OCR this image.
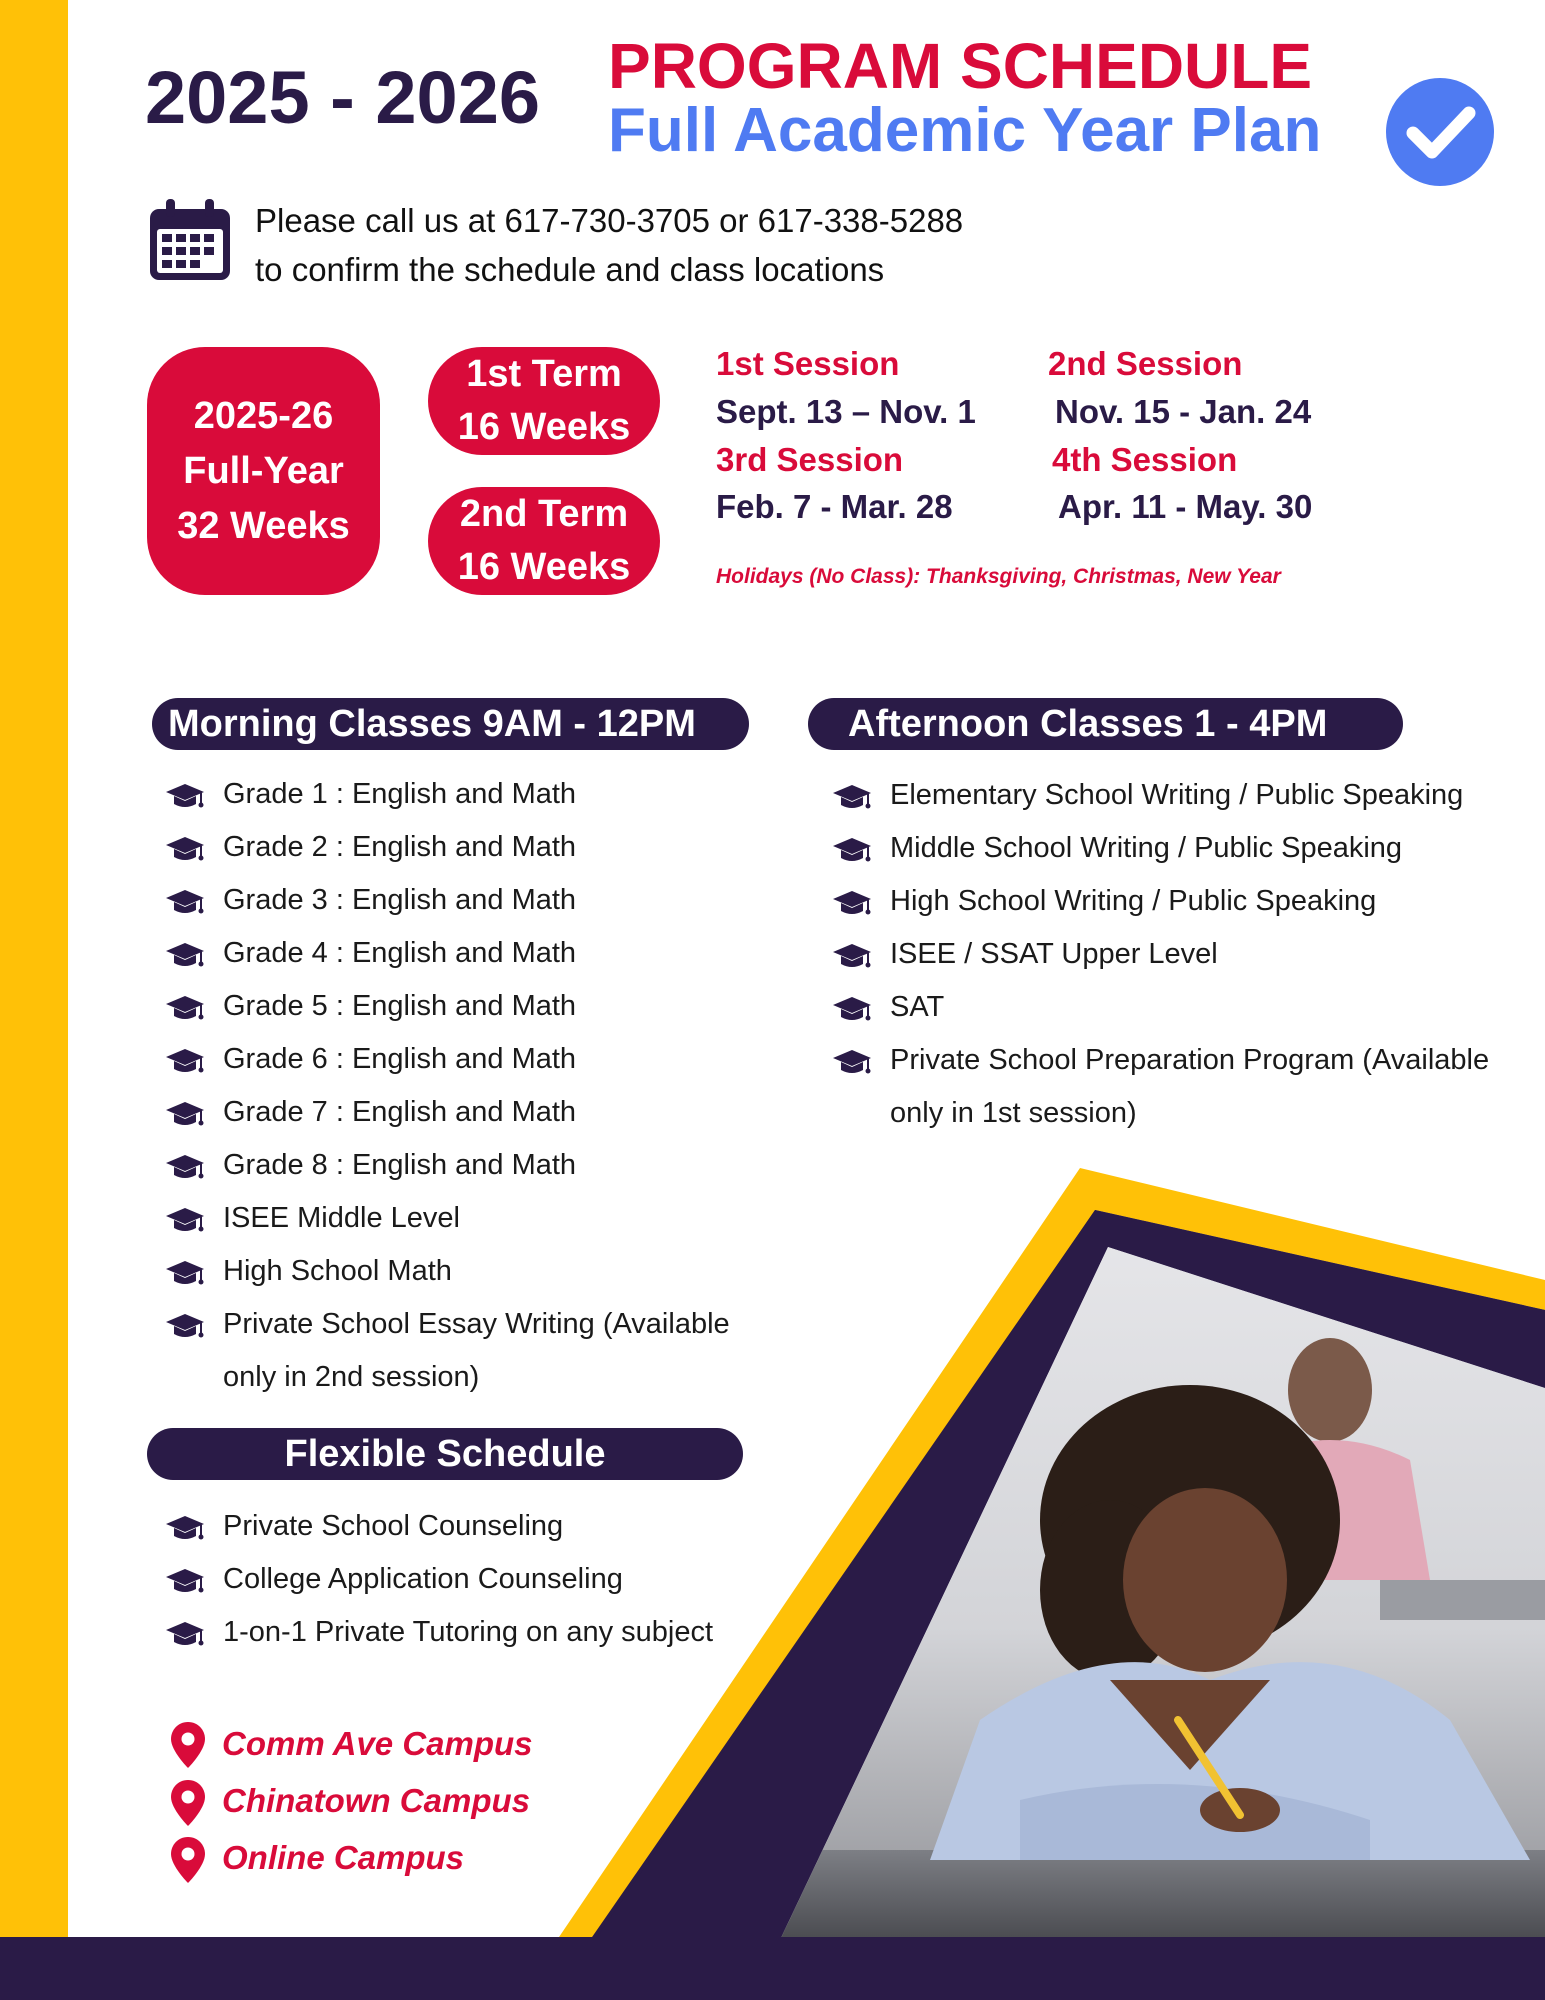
2025 - 2026 PROGRAM SCHEDULE
Full Academic Year Plan
Please call us at 617-730-3705 or 617-338-5288
to confirm the schedule and class locations
2025-26
Full-Year
32 Weeks
1st Term
16 Weeks
2nd Term
16 Weeks
1st Session
Sept. 13 – Nov. 1
2nd Session
Nov. 15 - Jan. 24
3rd Session
Feb. 7 - Mar. 28
4th Session
Apr. 11 - May. 30
Holidays (No Class): Thanksgiving, Christmas, New Year
Morning Classes 9AM - 12PM
Grade 1 : English and Math
Grade 2 : English and Math
Grade 3 : English and Math
Grade 4 : English and Math
Grade 5 : English and Math
Grade 6 : English and Math
Grade 7 : English and Math
Grade 8 : English and Math
ISEE Middle Level
High School Math
Private School Essay Writing (Available only in 2nd session)
Afternoon Classes 1 - 4PM
Elementary School Writing / Public Speaking
Middle School Writing / Public Speaking
High School Writing / Public Speaking
ISEE / SSAT Upper Level
SAT
Private School Preparation Program (Available only in 1st session)
Flexible Schedule
Private School Counseling
College Application Counseling
1-on-1 Private Tutoring on any subject
Comm Ave Campus
Chinatown Campus
Online Campus
